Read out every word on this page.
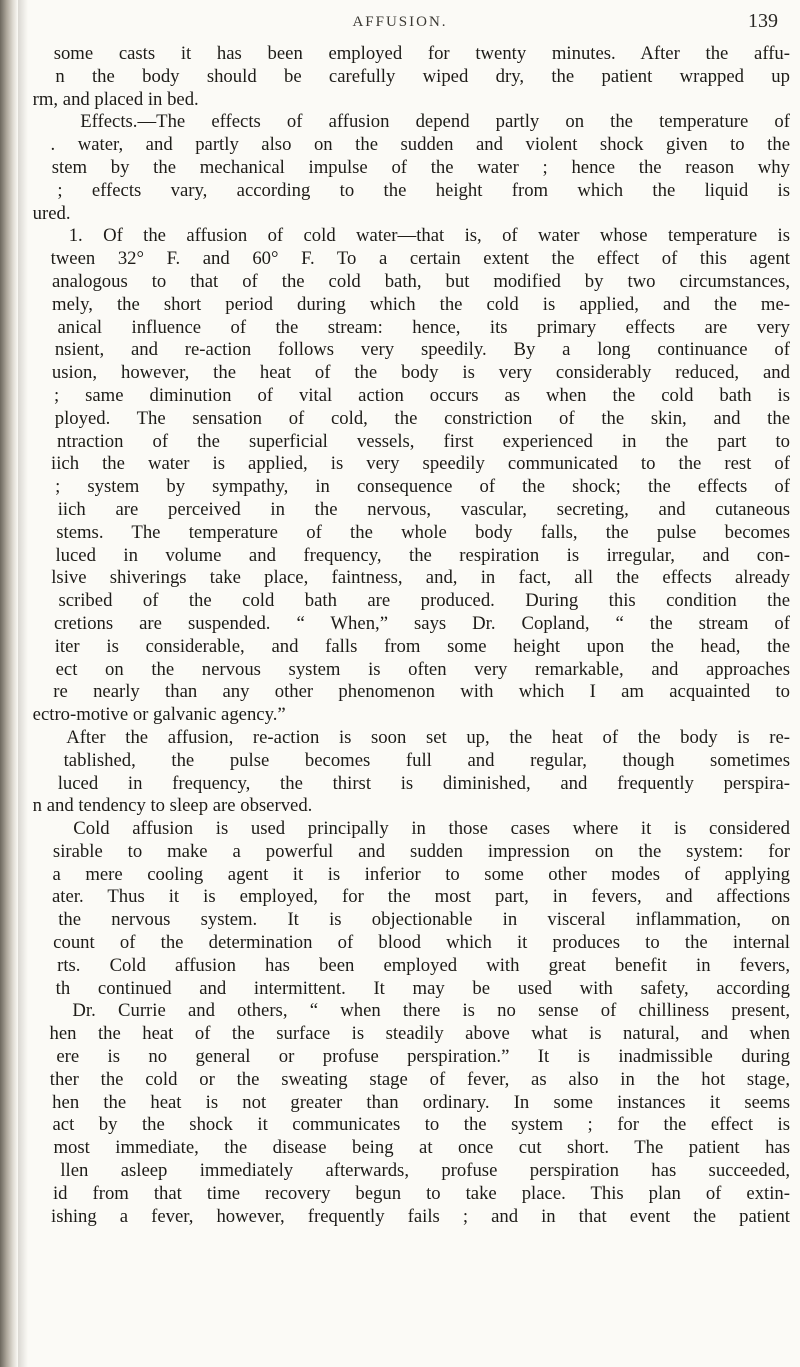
AFFUSION.	139
some casts it has been employed for twenty minutes. After the affu-
n the body should be carefully wiped dry, the patient wrapped up
rm, and placed in bed.
Effects.—The effects of affusion depend partly on the temperature of
. water, and partly also on the sudden and violent shock given to the
stem by the mechanical impulse of the water ; hence the reason why
; effects vary, according to the height from which the liquid is
ured.
1. Of the affusion of cold water—that is, of water whose temperature is
tween 32° F. and 60° F. To a certain extent the effect of this agent
analogous to that of the cold bath, but modified by two circumstances,
mely, the short period during which the cold is applied, and the me-
anical influence of the stream: hence, its primary effects are very
nsient, and re-action follows very speedily. By a long continuance of
usion, however, the heat of the body is very considerably reduced, and
; same diminution of vital action occurs as when the cold bath is
ployed. The sensation of cold, the constriction of the skin, and the
ntraction of the superficial vessels, first experienced in the part to
iich the water is applied, is very speedily communicated to the rest of
; system by sympathy, in consequence of the shock; the effects of
iich are perceived in the nervous, vascular, secreting, and cutaneous
stems. The temperature of the whole body falls, the pulse becomes
luced in volume and frequency, the respiration is irregular, and con-
lsive shiverings take place, faintness, and, in fact, all the effects already
scribed of the cold bath are produced. During this condition the
cretions are suspended. “ When,” says Dr. Copland, “ the stream of
iter is considerable, and falls from some height upon the head, the
ect on the nervous system is often very remarkable, and approaches
re nearly than any other phenomenon with which I am acquainted to
ectro-motive or galvanic agency.”
After the affusion, re-action is soon set up, the heat of the body is re-
tablished, the pulse becomes full and regular, though sometimes
luced in frequency, the thirst is diminished, and frequently perspira-
n and tendency to sleep are observed.
Cold affusion is used principally in those cases where it is considered
sirable to make a powerful and sudden impression on the system: for
a mere cooling agent it is inferior to some other modes of applying
ater. Thus it is employed, for the most part, in fevers, and affections
the nervous system. It is objectionable in visceral inflammation, on
count of the determination of blood which it produces to the internal
rts. Cold affusion has been employed with great benefit in fevers,
th continued and intermittent. It may be used with safety, according
Dr. Currie and others, “ when there is no sense of chilliness present,
hen the heat of the surface is steadily above what is natural, and when
ere is no general or profuse perspiration.” It is inadmissible during
ther the cold or the sweating stage of fever, as also in the hot stage,
hen the heat is not greater than ordinary. In some instances it seems
act by the shock it communicates to the system ; for the effect is
most immediate, the disease being at once cut short. The patient has
llen asleep immediately afterwards, profuse perspiration has succeeded,
id from that time recovery begun to take place. This plan of extin-
ishing a fever, however, frequently fails ; and in that event the patient
